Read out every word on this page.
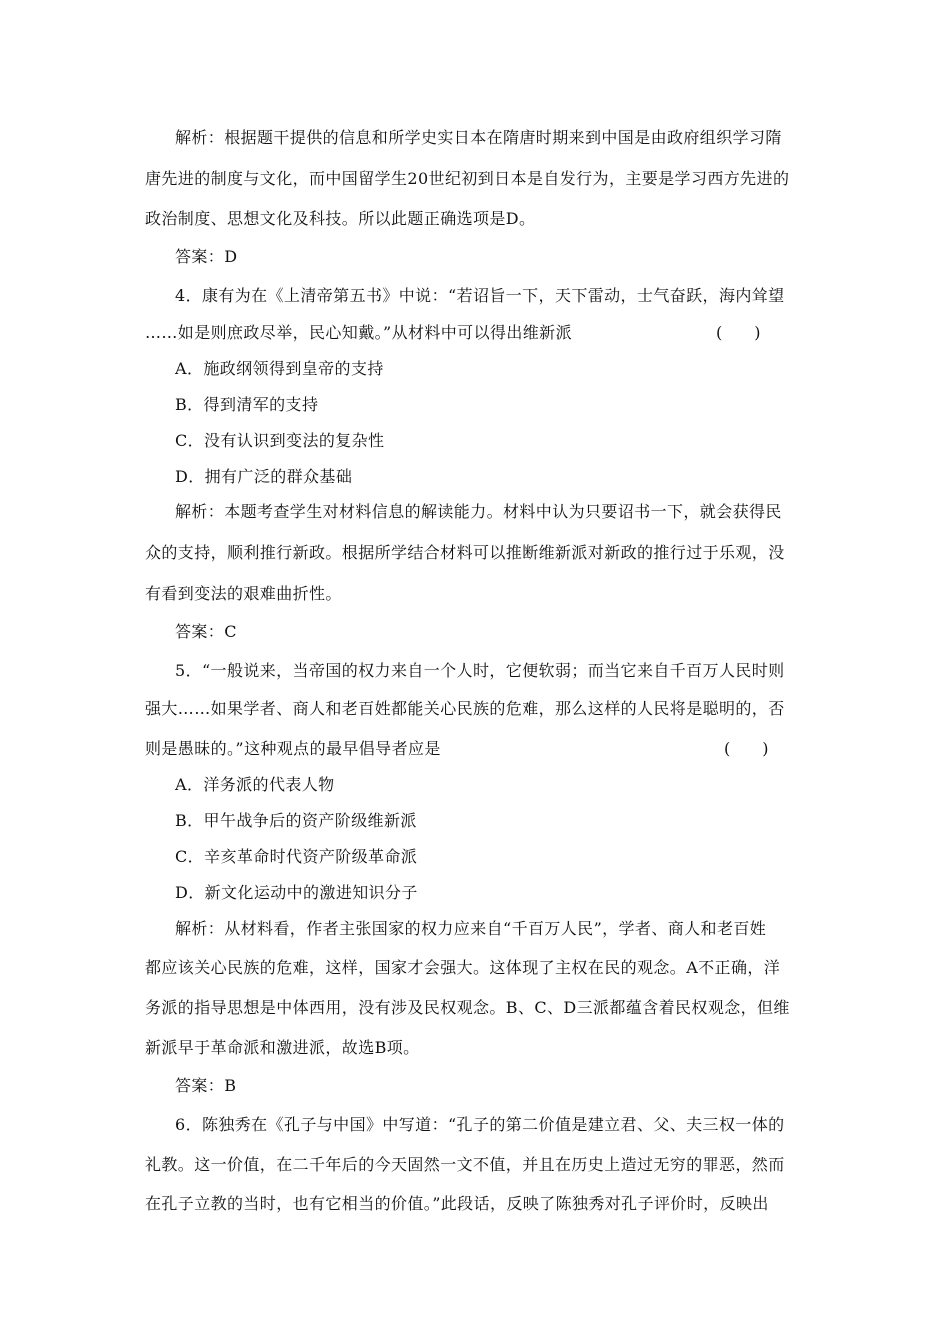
解析：根据题干提供的信息和所学史实日本在隋唐时期来到中国是由政府组织学习隋
唐先进的制度与文化，而中国留学生20世纪初到日本是自发行为，主要是学习西方先进的
政治制度、思想文化及科技。所以此题正确选项是D。
答案：D
4．康有为在《上清帝第五书》中说：“若诏旨一下，天下雷动，士气奋跃，海内耸望
……如是则庶政尽举，民心知戴。”从材料中可以得出维新派	(　　)
A．施政纲领得到皇帝的支持
B．得到清军的支持
C．没有认识到变法的复杂性
D．拥有广泛的群众基础
解析：本题考查学生对材料信息的解读能力。材料中认为只要诏书一下，就会获得民
众的支持，顺利推行新政。根据所学结合材料可以推断维新派对新政的推行过于乐观，没
有看到变法的艰难曲折性。
答案：C
5．“一般说来，当帝国的权力来自一个人时，它便软弱；而当它来自千百万人民时则
强大……如果学者、商人和老百姓都能关心民族的危难，那么这样的人民将是聪明的，否
则是愚昧的。”这种观点的最早倡导者应是	(　　)
A．洋务派的代表人物
B．甲午战争后的资产阶级维新派
C．辛亥革命时代资产阶级革命派
D．新文化运动中的激进知识分子
解析：从材料看，作者主张国家的权力应来自“千百万人民”，学者、商人和老百姓
都应该关心民族的危难，这样，国家才会强大。这体现了主权在民的观念。A不正确，洋
务派的指导思想是中体西用，没有涉及民权观念。B、C、D三派都蕴含着民权观念，但维
新派早于革命派和激进派，故选B项。
答案：B
6．陈独秀在《孔子与中国》中写道：“孔子的第二价值是建立君、父、夫三权一体的
礼教。这一价值，在二千年后的今天固然一文不值，并且在历史上造过无穷的罪恶，然而
在孔子立教的当时，也有它相当的价值。”此段话，反映了陈独秀对孔子评价时，反映出
